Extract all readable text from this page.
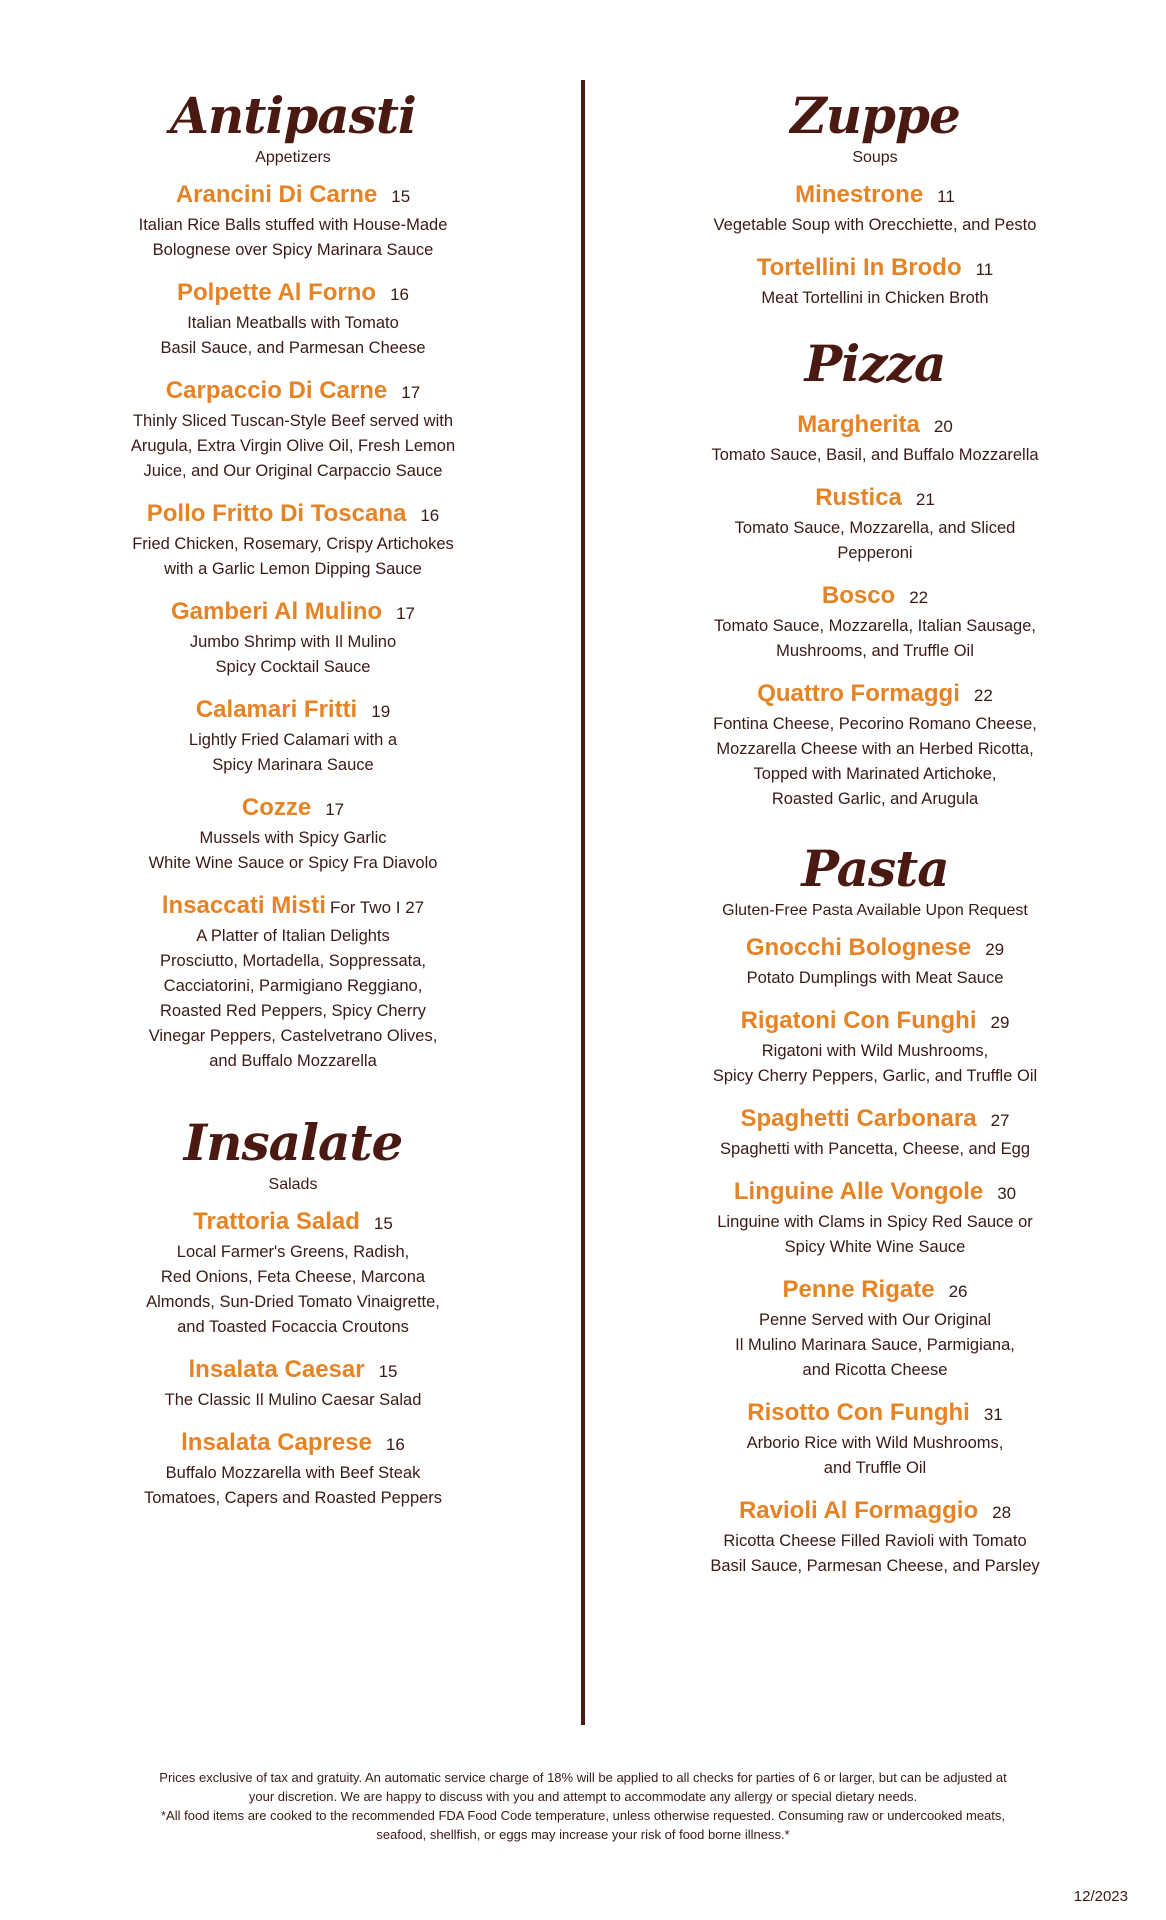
Antipasti
Appetizers
Arancini Di Carne 15
Italian Rice Balls stuffed with House-Made
Bolognese over Spicy Marinara Sauce
Polpette Al Forno 16
Italian Meatballs with Tomato
Basil Sauce, and Parmesan Cheese
Carpaccio Di Carne 17
Thinly Sliced Tuscan-Style Beef served with
Arugula, Extra Virgin Olive Oil, Fresh Lemon
Juice, and Our Original Carpaccio Sauce
Pollo Fritto Di Toscana 16
Fried Chicken, Rosemary, Crispy Artichokes
with a Garlic Lemon Dipping Sauce
Gamberi Al Mulino 17
Jumbo Shrimp with Il Mulino
Spicy Cocktail Sauce
Calamari Fritti 19
Lightly Fried Calamari with a
Spicy Marinara Sauce
Cozze 17
Mussels with Spicy Garlic
White Wine Sauce or Spicy Fra Diavolo
lnsaccati Misti For Two I 27
A Platter of Italian Delights
Prosciutto, Mortadella, Soppressata,
Cacciatorini, Parmigiano Reggiano,
Roasted Red Peppers, Spicy Cherry
Vinegar Peppers, Castelvetrano Olives,
and Buffalo Mozzarella
Insalate
Salads
Trattoria Salad 15
Local Farmer's Greens, Radish,
Red Onions, Feta Cheese, Marcona
Almonds, Sun-Dried Tomato Vinaigrette,
and Toasted Focaccia Croutons
lnsalata Caesar 15
The Classic Il Mulino Caesar Salad
lnsalata Caprese 16
Buffalo Mozzarella with Beef Steak
Tomatoes, Capers and Roasted Peppers
Zuppe
Soups
Minestrone 11
Vegetable Soup with Orecchiette, and Pesto
Tortellini In Brodo 11
Meat Tortellini in Chicken Broth
Pizza
Margherita 20
Tomato Sauce, Basil, and Buffalo Mozzarella
Rustica 21
Tomato Sauce, Mozzarella, and Sliced
Pepperoni
Bosco 22
Tomato Sauce, Mozzarella, Italian Sausage,
Mushrooms, and Truffle Oil
Quattro Formaggi 22
Fontina Cheese, Pecorino Romano Cheese,
Mozzarella Cheese with an Herbed Ricotta,
Topped with Marinated Artichoke,
Roasted Garlic, and Arugula
Pasta
Gluten-Free Pasta Available Upon Request
Gnocchi Bolognese 29
Potato Dumplings with Meat Sauce
Rigatoni Con Funghi 29
Rigatoni with Wild Mushrooms,
Spicy Cherry Peppers, Garlic, and Truffle Oil
Spaghetti Carbonara 27
Spaghetti with Pancetta, Cheese, and Egg
Linguine Alle Vongole 30
Linguine with Clams in Spicy Red Sauce or
Spicy White Wine Sauce
Penne Rigate 26
Penne Served with Our Original
Il Mulino Marinara Sauce, Parmigiana,
and Ricotta Cheese
Risotto Con Funghi 31
Arborio Rice with Wild Mushrooms,
and Truffle Oil
Ravioli Al Formaggio 28
Ricotta Cheese Filled Ravioli with Tomato
Basil Sauce, Parmesan Cheese, and Parsley
Prices exclusive of tax and gratuity. An automatic service charge of 18% will be applied to all checks for parties of 6 or larger, but can be adjusted at
your discretion. We are happy to discuss with you and attempt to accommodate any allergy or special dietary needs.
*All food items are cooked to the recommended FDA Food Code temperature, unless otherwise requested. Consuming raw or undercooked meats,
seafood, shellfish, or eggs may increase your risk of food borne illness.*
12/2023
